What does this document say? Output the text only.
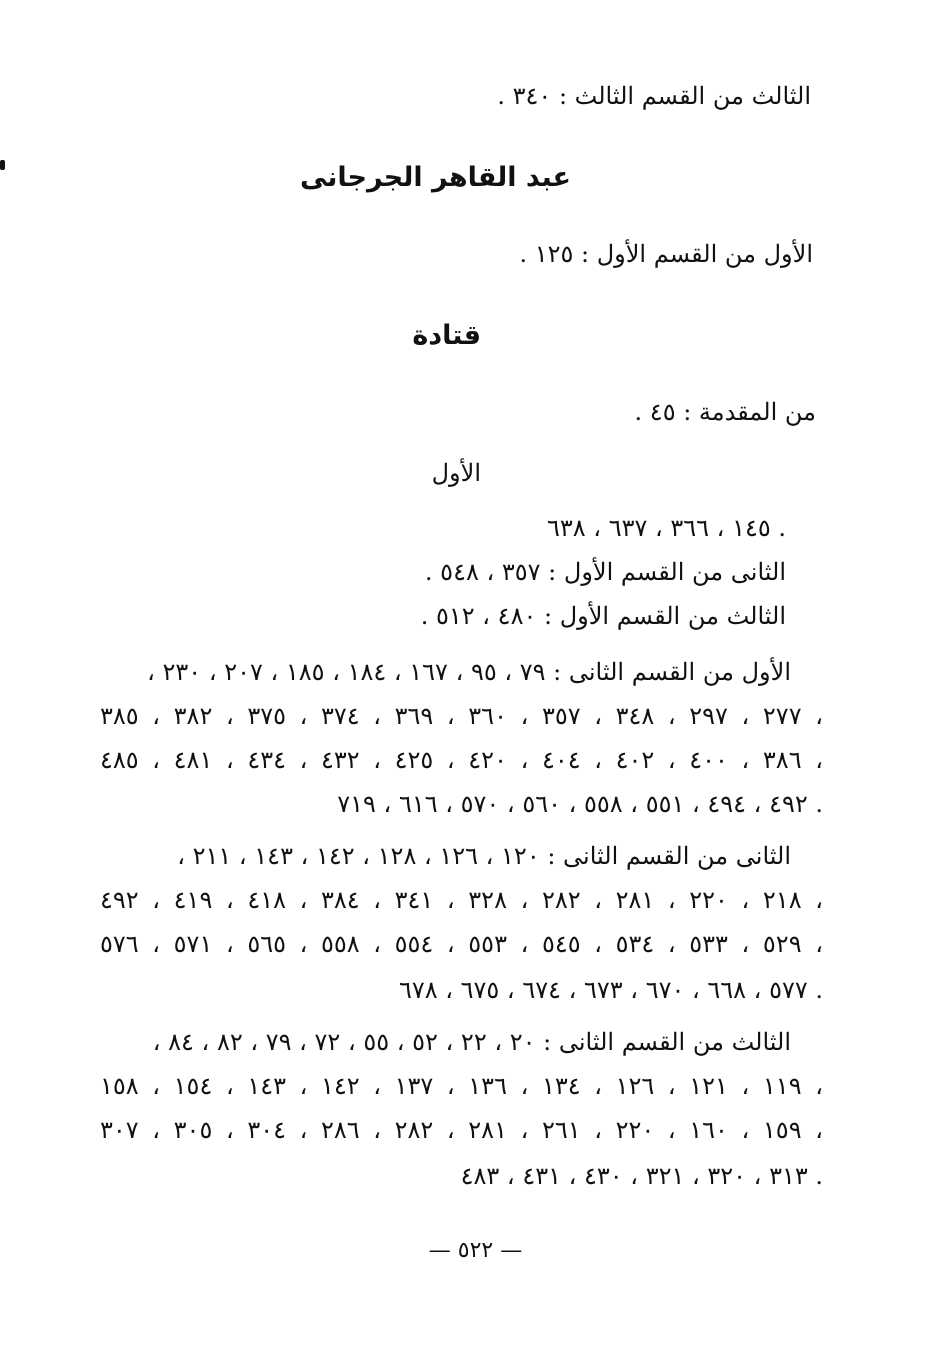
الثالث من القسم الثالث : ٣٤٠ .
عبد القاهر الجرجانى
الأول من القسم الأول : ١٢٥ .
قتادة
من المقدمة : ٤٥ .
الأول
١٤٥ ، ٣٦٦ ، ٦٣٧ ، ٦٣٨ .
الثانى من القسم الأول : ٣٥٧ ، ٥٤٨ .
الثالث من القسم الأول : ٤٨٠ ، ٥١٢ .
الأول من القسم الثانى : ٧٩ ، ٩٥ ، ١٦٧ ، ١٨٤ ، ١٨٥ ، ٢٠٧ ، ٢٣٠ ،
٢٧٧ ، ٢٩٧ ، ٣٤٨ ، ٣٥٧ ، ٣٦٠ ، ٣٦٩ ، ٣٧٤ ، ٣٧٥ ، ٣٨٢ ، ٣٨٥ ،
٣٨٦ ، ٤٠٠ ، ٤٠٢ ، ٤٠٤ ، ٤٢٠ ، ٤٢٥ ، ٤٣٢ ، ٤٣٤ ، ٤٨١ ، ٤٨٥ ،
٤٩٢ ، ٤٩٤ ، ٥٥١ ، ٥٥٨ ، ٥٦٠ ، ٥٧٠ ، ٦١٦ ، ٧١٩ .
الثانى من القسم الثانى : ١٢٠ ، ١٢٦ ، ١٢٨ ، ١٤٢ ، ١٤٣ ، ٢١١ ،
٢١٨ ، ٢٢٠ ، ٢٨١ ، ٢٨٢ ، ٣٢٨ ، ٣٤١ ، ٣٨٤ ، ٤١٨ ، ٤١٩ ، ٤٩٢ ،
٥٢٩ ، ٥٣٣ ، ٥٣٤ ، ٥٤٥ ، ٥٥٣ ، ٥٥٤ ، ٥٥٨ ، ٥٦٥ ، ٥٧١ ، ٥٧٦ ،
٥٧٧ ، ٦٦٨ ، ٦٧٠ ، ٦٧٣ ، ٦٧٤ ، ٦٧٥ ، ٦٧٨ .
الثالث من القسم الثانى : ٢٠ ، ٢٢ ، ٥٢ ، ٥٥ ، ٧٢ ، ٧٩ ، ٨٢ ، ٨٤ ،
١١٩ ، ١٢١ ، ١٢٦ ، ١٣٤ ، ١٣٦ ، ١٣٧ ، ١٤٢ ، ١٤٣ ، ١٥٤ ، ١٥٨ ،
١٥٩ ، ١٦٠ ، ٢٢٠ ، ٢٦١ ، ٢٨١ ، ٢٨٢ ، ٢٨٦ ، ٣٠٤ ، ٣٠٥ ، ٣٠٧ ،
٣١٣ ، ٣٢٠ ، ٣٢١ ، ٤٣٠ ، ٤٣١ ، ٤٨٣ .
— ٥٢٢ —
